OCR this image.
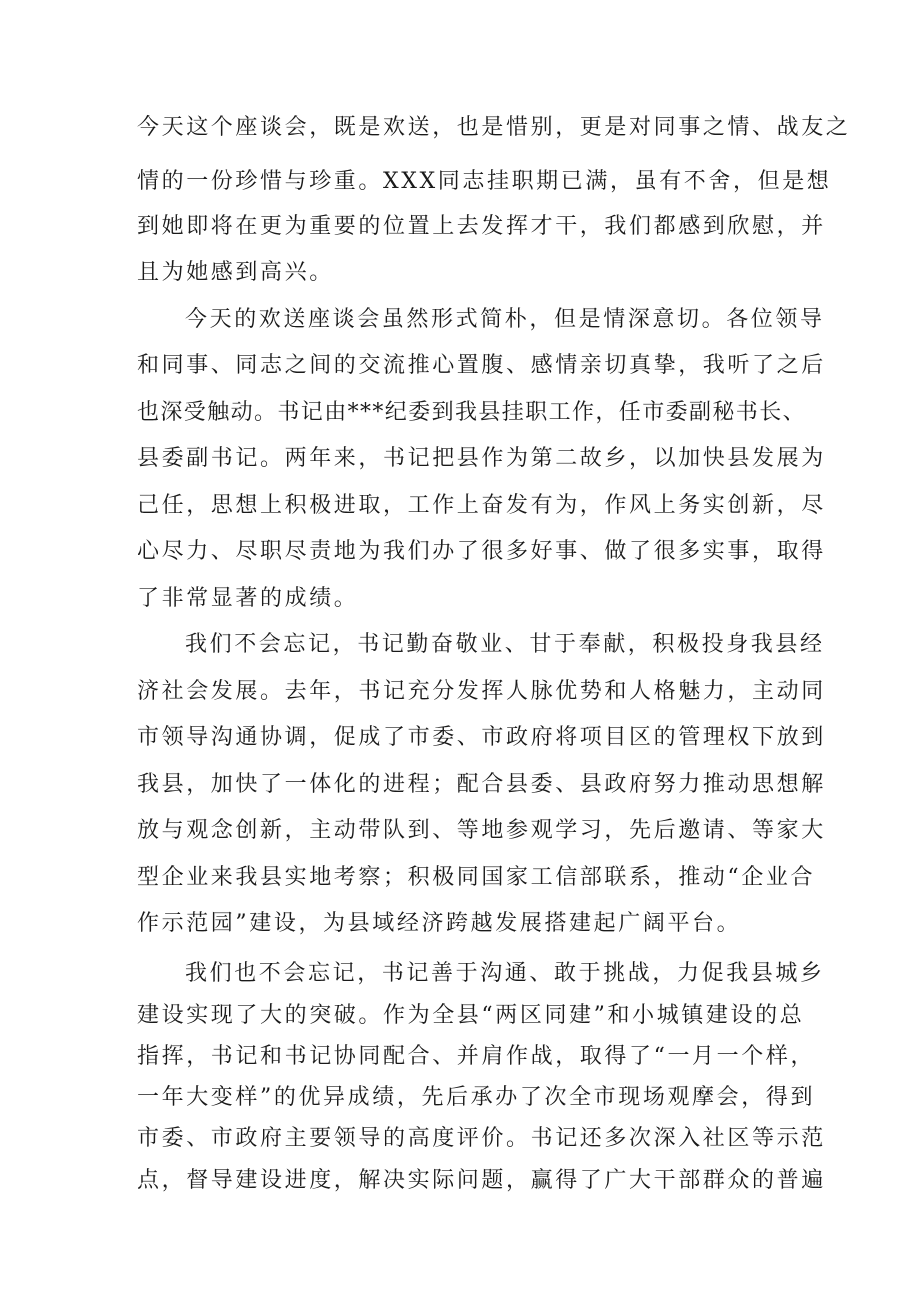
今天这个座谈会，既是欢送，也是惜别，更是对同事之情、战友之
情的一份珍惜与珍重。XXX同志挂职期已满，虽有不舍，但是想
到她即将在更为重要的位置上去发挥才干，我们都感到欣慰，并
且为她感到高兴。
今天的欢送座谈会虽然形式简朴，但是情深意切。各位领导
和同事、同志之间的交流推心置腹、感情亲切真挚，我听了之后
也深受触动。书记由***纪委到我县挂职工作，任市委副秘书长、
县委副书记。两年来，书记把县作为第二故乡，以加快县发展为
己任，思想上积极进取，工作上奋发有为，作风上务实创新，尽
心尽力、尽职尽责地为我们办了很多好事、做了很多实事，取得
了非常显著的成绩。
我们不会忘记，书记勤奋敬业、甘于奉献，积极投身我县经
济社会发展。去年，书记充分发挥人脉优势和人格魅力，主动同
市领导沟通协调，促成了市委、市政府将项目区的管理权下放到
我县，加快了一体化的进程；配合县委、县政府努力推动思想解
放与观念创新，主动带队到、等地参观学习，先后邀请、等家大
型企业来我县实地考察；积极同国家工信部联系，推动“企业合
作示范园”建设，为县域经济跨越发展搭建起广阔平台。
我们也不会忘记，书记善于沟通、敢于挑战，力促我县城乡
建设实现了大的突破。作为全县“两区同建”和小城镇建设的总
指挥，书记和书记协同配合、并肩作战，取得了“一月一个样，
一年大变样”的优异成绩，先后承办了次全市现场观摩会，得到
市委、市政府主要领导的高度评价。书记还多次深入社区等示范
点，督导建设进度，解决实际问题，赢得了广大干部群众的普遍
